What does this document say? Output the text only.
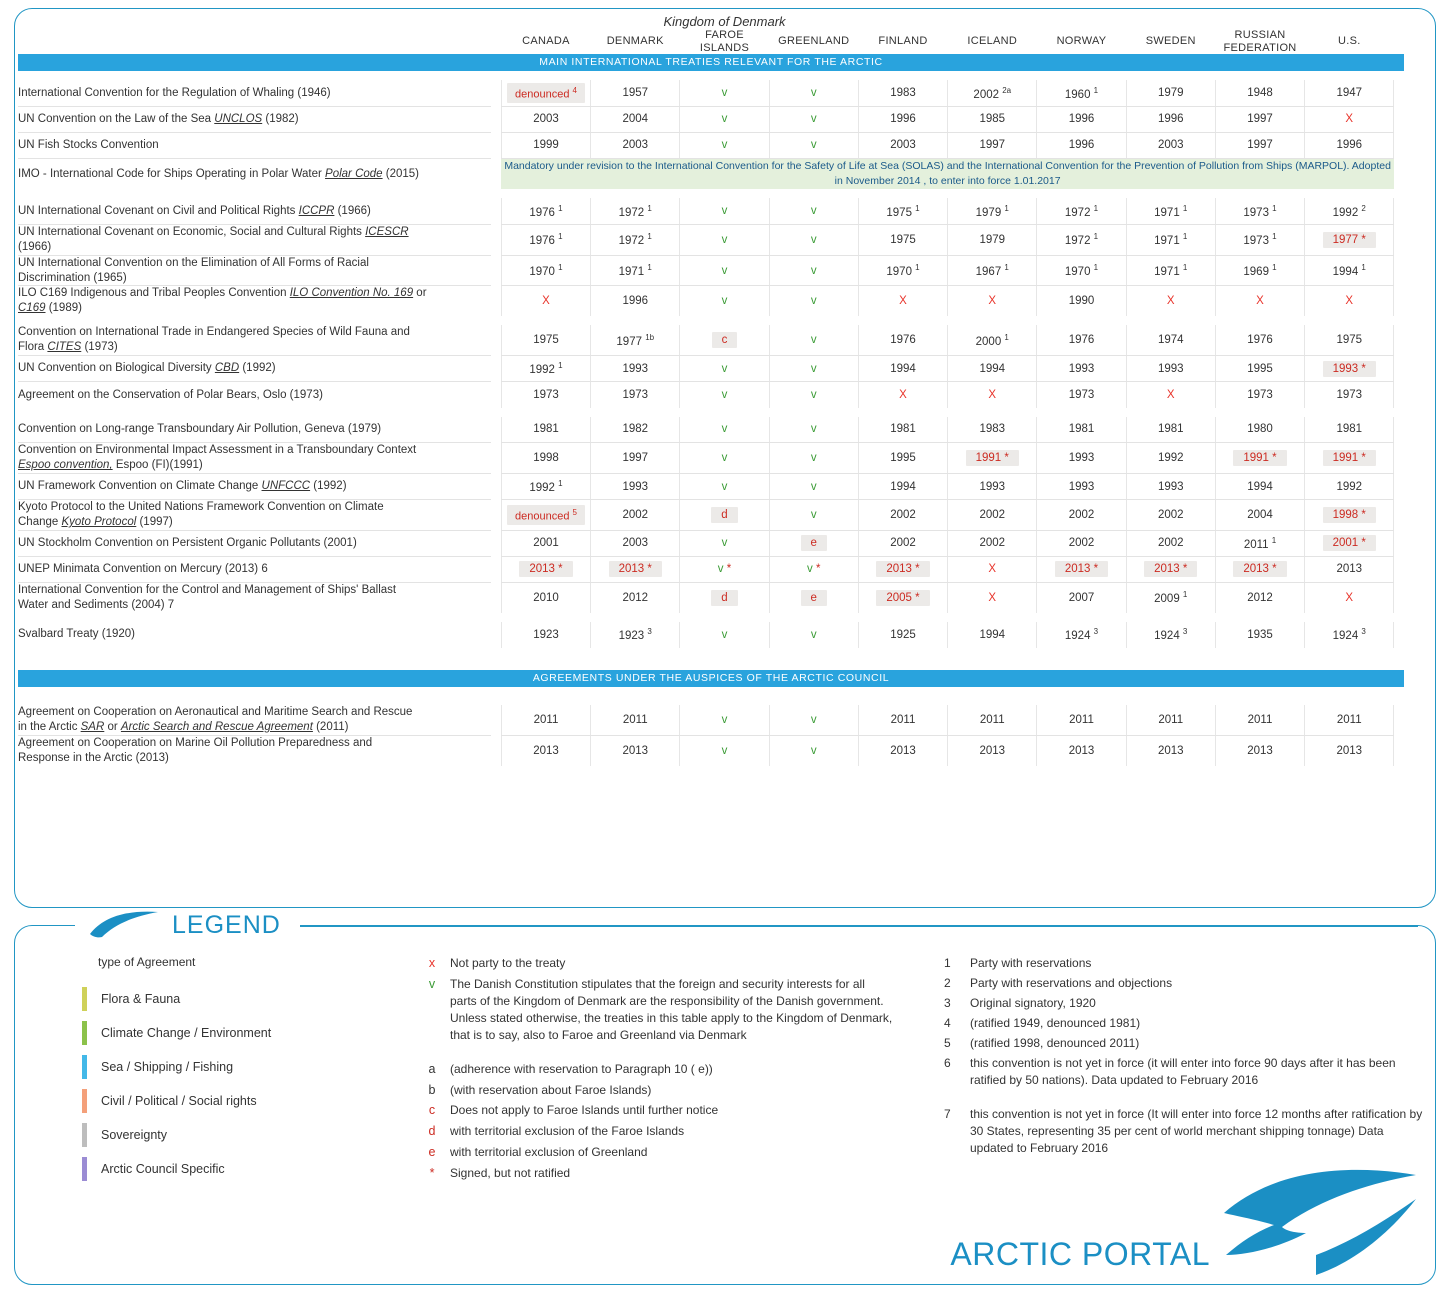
			Kingdom of Denmark									
		CANADA	DENMARK	FAROE ISLANDS	GREENLAND	FINLAND	ICELAND	NORWAY	SWEDEN	RUSSIAN FEDERATION	U.S.	
MAIN INTERNATIONAL TREATIES RELEVANT FOR THE ARCTIC												

International Convention for the Regulation of Whaling (1946)		denounced $^4$	1957	v	v	1983	2002 $^{2a}$	1960 $^1$	1979	1948	1947	

UN Convention on the Law of the Sea UNCLOS (1982)		2003	2004	v	v	1996	1985	1996	1996	1997	X	

UN Fish Stocks Convention		1999	2003	v	v	2003	1997	1996	2003	1997	1996	

IMO - International Code for Ships Operating in Polar Water Polar Code (2015)		Mandatory under revision to the International Convention for the Safety of Life at Sea (SOLAS) and the International Convention for the Prevention of Pollution from Ships (MARPOL). Adopted in November 2014 , to enter into force 1.01.2017										

UN International Covenant on Civil and Political Rights ICCPR (1966)		1976 $^1$	1972 $^1$	v	v	1975 $^1$	1979 $^1$	1972 $^1$	1971 $^1$	1973 $^1$	1992 $^2$	

UN International Covenant on Economic, Social and Cultural Rights ICESCR
(1966)		1976 $^1$	1972 $^1$	v	v	1975	1979	1972 $^1$	1971 $^1$	1973 $^1$	1977 *	

UN International Convention on the Elimination of All Forms of Racial
Discrimination (1965)		1970 $^1$	1971 $^1$	v	v	1970 $^1$	1967 $^1$	1970 $^1$	1971 $^1$	1969 $^1$	1994 $^1$	

ILO C169 Indigenous and Tribal Peoples Convention ILO Convention No. 169 or
C169 (1989)		X	1996	v	v	X	X	1990	X	X	X	

Convention on International Trade in Endangered Species of Wild Fauna and
Flora CITES (1973)		1975	1977 $^{1b}$	c	v	1976	2000 $^1$	1976	1974	1976	1975	

UN Convention on Biological Diversity CBD (1992)		1992 $^1$	1993	v	v	1994	1994	1993	1993	1995	1993 *	

Agreement on the Conservation of Polar Bears, Oslo (1973)		1973	1973	v	v	X	X	1973	X	1973	1973	

Convention on Long-range Transboundary Air Pollution, Geneva (1979)		1981	1982	v	v	1981	1983	1981	1981	1980	1981	

Convention on Environmental Impact Assessment in a Transboundary Context
Espoo convention, Espoo (FI)(1991)		1998	1997	v	v	1995	1991 *	1993	1992	1991 *	1991 *	

UN Framework Convention on Climate Change UNFCCC (1992)		1992 $^1$	1993	v	v	1994	1993	1993	1993	1994	1992	

Kyoto Protocol to the United Nations Framework Convention on Climate
Change Kyoto Protocol (1997)		denounced $^5$	2002	d	v	2002	2002	2002	2002	2004	1998 *	

UN Stockholm Convention on Persistent Organic Pollutants (2001)		2001	2003	v	e	2002	2002	2002	2002	2011 $^1$	2001 *	

UNEP Minimata Convention on Mercury (2013) 6		2013 *	2013 *	v *	v *	2013 *	X	2013 *	2013 *	2013 *	2013	

International Convention for the Control and Management of Ships' Ballast
Water and Sediments (2004) 7		2010	2012	d	e	2005 *	X	2007	2009 $^1$	2012	X	

Svalbard Treaty (1920)		1923	1923 $^3$	v	v	1925	1994	1924 $^3$	1924 $^3$	1935	1924 $^3$	

AGREEMENTS UNDER THE AUSPICES OF THE ARCTIC COUNCIL												

Agreement on Cooperation on Aeronautical and Maritime Search and Rescue
in the Arctic SAR or Arctic Search and Rescue Agreement (2011)		2011	2011	v	v	2011	2011	2011	2011	2011	2011	

Agreement on Cooperation on Marine Oil Pollution Preparedness and
Response in the Arctic (2013)		2013	2013	v	v	2013	2013	2013	2013	2013	2013	
LEGEND
type of Agreement
Flora & Fauna
Climate Change / Environment
Sea / Shipping / Fishing
Civil / Political / Social rights
Sovereignty
Arctic Council Specific
x	Not party to the treaty
v	The Danish Constitution stipulates that the foreign and security interests for all parts of the Kingdom of Denmark are the responsibility of the Danish government. Unless stated otherwise, the treaties in this table apply to the Kingdom of Denmark, that is to say, also to Faroe and Greenland via Denmark
a	(adherence with reservation to Paragraph 10 ( e))
b	(with reservation about Faroe Islands)
c	Does not apply to Faroe Islands until further notice
d	with territorial exclusion of the Faroe Islands
e	with territorial exclusion of Greenland
*	Signed, but not ratified
1	Party with reservations
2	Party with reservations and objections
3	Original signatory, 1920
4	(ratified 1949, denounced 1981)
5	(ratified 1998, denounced 2011)
6	this convention is not yet in force (it will enter into force 90 days after it has been ratified by 50 nations). Data updated to February 2016
7	this convention is not yet in force (It will enter into force 12 months after ratification by 30 States, representing 35 per cent of world merchant shipping tonnage) Data updated to February 2016
ARCTIC PORTAL
